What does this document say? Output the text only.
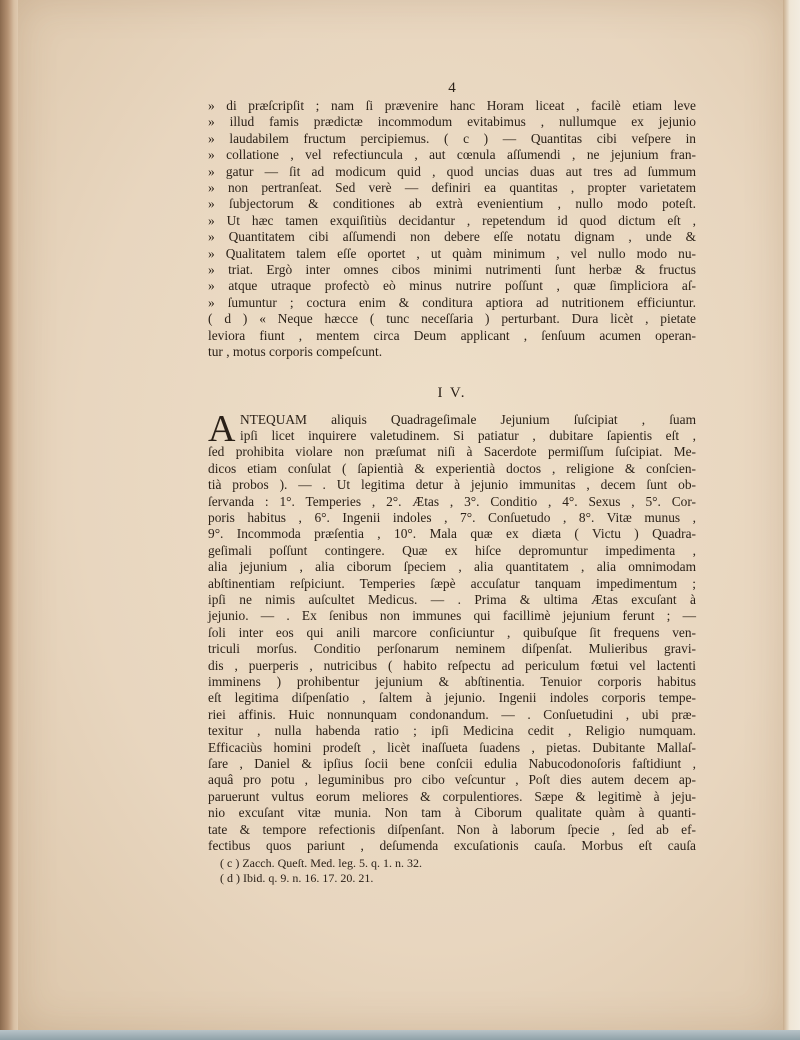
4
» di præſcripſit ; nam ſi prævenire hanc Horam liceat , facilè etiam leve
» illud famis prædictæ incommodum evitabimus , nullumque ex jejunio
» laudabilem fructum percipiemus. ( c ) — Quantitas cibi veſpere in
» collatione , vel refectiuncula , aut cœnula aſſumendi , ne jejunium fran-
» gatur — ſit ad modicum quid , quod uncias duas aut tres ad ſummum
» non pertranſeat. Sed verè — definiri ea quantitas , propter varietatem
» ſubjectorum & conditiones ab extrà evenientium , nullo modo poteſt.
» Ut hæc tamen exquiſitiùs decidantur , repetendum id quod dictum eſt ,
» Quantitatem cibi aſſumendi non debere eſſe notatu dignam , unde &
» Qualitatem talem eſſe oportet , ut quàm minimum , vel nullo modo nu-
» triat. Ergò inter omnes cibos minimi nutrimenti ſunt herbæ & fructus
» atque utraque profectò eò minus nutrire poſſunt , quæ ſimpliciora aſ-
» ſumuntur ; coctura enim & conditura aptiora ad nutritionem efficiuntur.
( d ) « Neque hæcce ( tunc neceſſaria ) perturbant. Dura licèt , pietate
leviora fiunt , mentem circa Deum applicant , ſenſuum acumen operan-
tur , motus corporis compeſcunt.
I V.
A NTEQUAM aliquis Quadrageſimale Jejunium ſuſcipiat , ſuam
ipſi licet inquirere valetudinem. Si patiatur , dubitare ſapientis eſt ,
ſed prohibita violare non præſumat niſi à Sacerdote permiſſum ſuſcipiat. Me-
dicos etiam conſulat ( ſapientià & experientià doctos , religione & conſcien-
tià probos ). — . Ut legitima detur à jejunio immunitas , decem ſunt ob-
ſervanda : 1°. Temperies , 2°. Ætas , 3°. Conditio , 4°. Sexus , 5°. Cor-
poris habitus , 6°. Ingenii indoles , 7°. Conſuetudo , 8°. Vitæ munus ,
9°. Incommoda præſentia , 10°. Mala quæ ex diæta ( Victu ) Quadra-
geſimali poſſunt contingere. Quæ ex hiſce depromuntur impedimenta ,
alia jejunium , alia ciborum ſpeciem , alia quantitatem , alia omnimodam
abſtinentiam reſpiciunt. Temperies ſæpè accuſatur tanquam impedimentum ;
ipſi ne nimis auſcultet Medicus. — . Prima & ultima Ætas excuſant à
jejunio. — . Ex ſenibus non immunes qui facillimè jejunium ferunt ; —
ſoli inter eos qui anili marcore conſiciuntur , quibuſque ſit frequens ven-
triculi morſus. Conditio perſonarum neminem diſpenſat. Mulieribus gravi-
dis , puerperis , nutricibus ( habito reſpectu ad periculum fœtui vel lactenti
imminens ) prohibentur jejunium & abſtinentia. Tenuior corporis habitus
eſt legitima diſpenſatio , ſaltem à jejunio. Ingenii indoles corporis tempe-
riei affinis. Huic nonnunquam condonandum. — . Conſuetudini , ubi præ-
texitur , nulla habenda ratio ; ipſi Medicina cedit , Religio numquam.
Efficaciùs homini prodeſt , licèt inaſſueta ſuadens , pietas. Dubitante Mallaſ-
ſare , Daniel & ipſius ſocii bene conſcii edulia Nabucodonoſoris faſtidiunt ,
aquâ pro potu , leguminibus pro cibo veſcuntur , Poſt dies autem decem ap-
paruerunt vultus eorum meliores & corpulentiores. Sæpe & legitimè à jeju-
nio excuſant vitæ munia. Non tam à Ciborum qualitate quàm à quanti-
tate & tempore refectionis diſpenſant. Non à laborum ſpecie , ſed ab ef-
fectibus quos pariunt , deſumenda excuſationis cauſa. Morbus eſt cauſa
( c ) Zacch. Queſt. Med. leg. 5. q. 1. n. 32.
( d ) Ibid. q. 9. n. 16. 17. 20. 21.
